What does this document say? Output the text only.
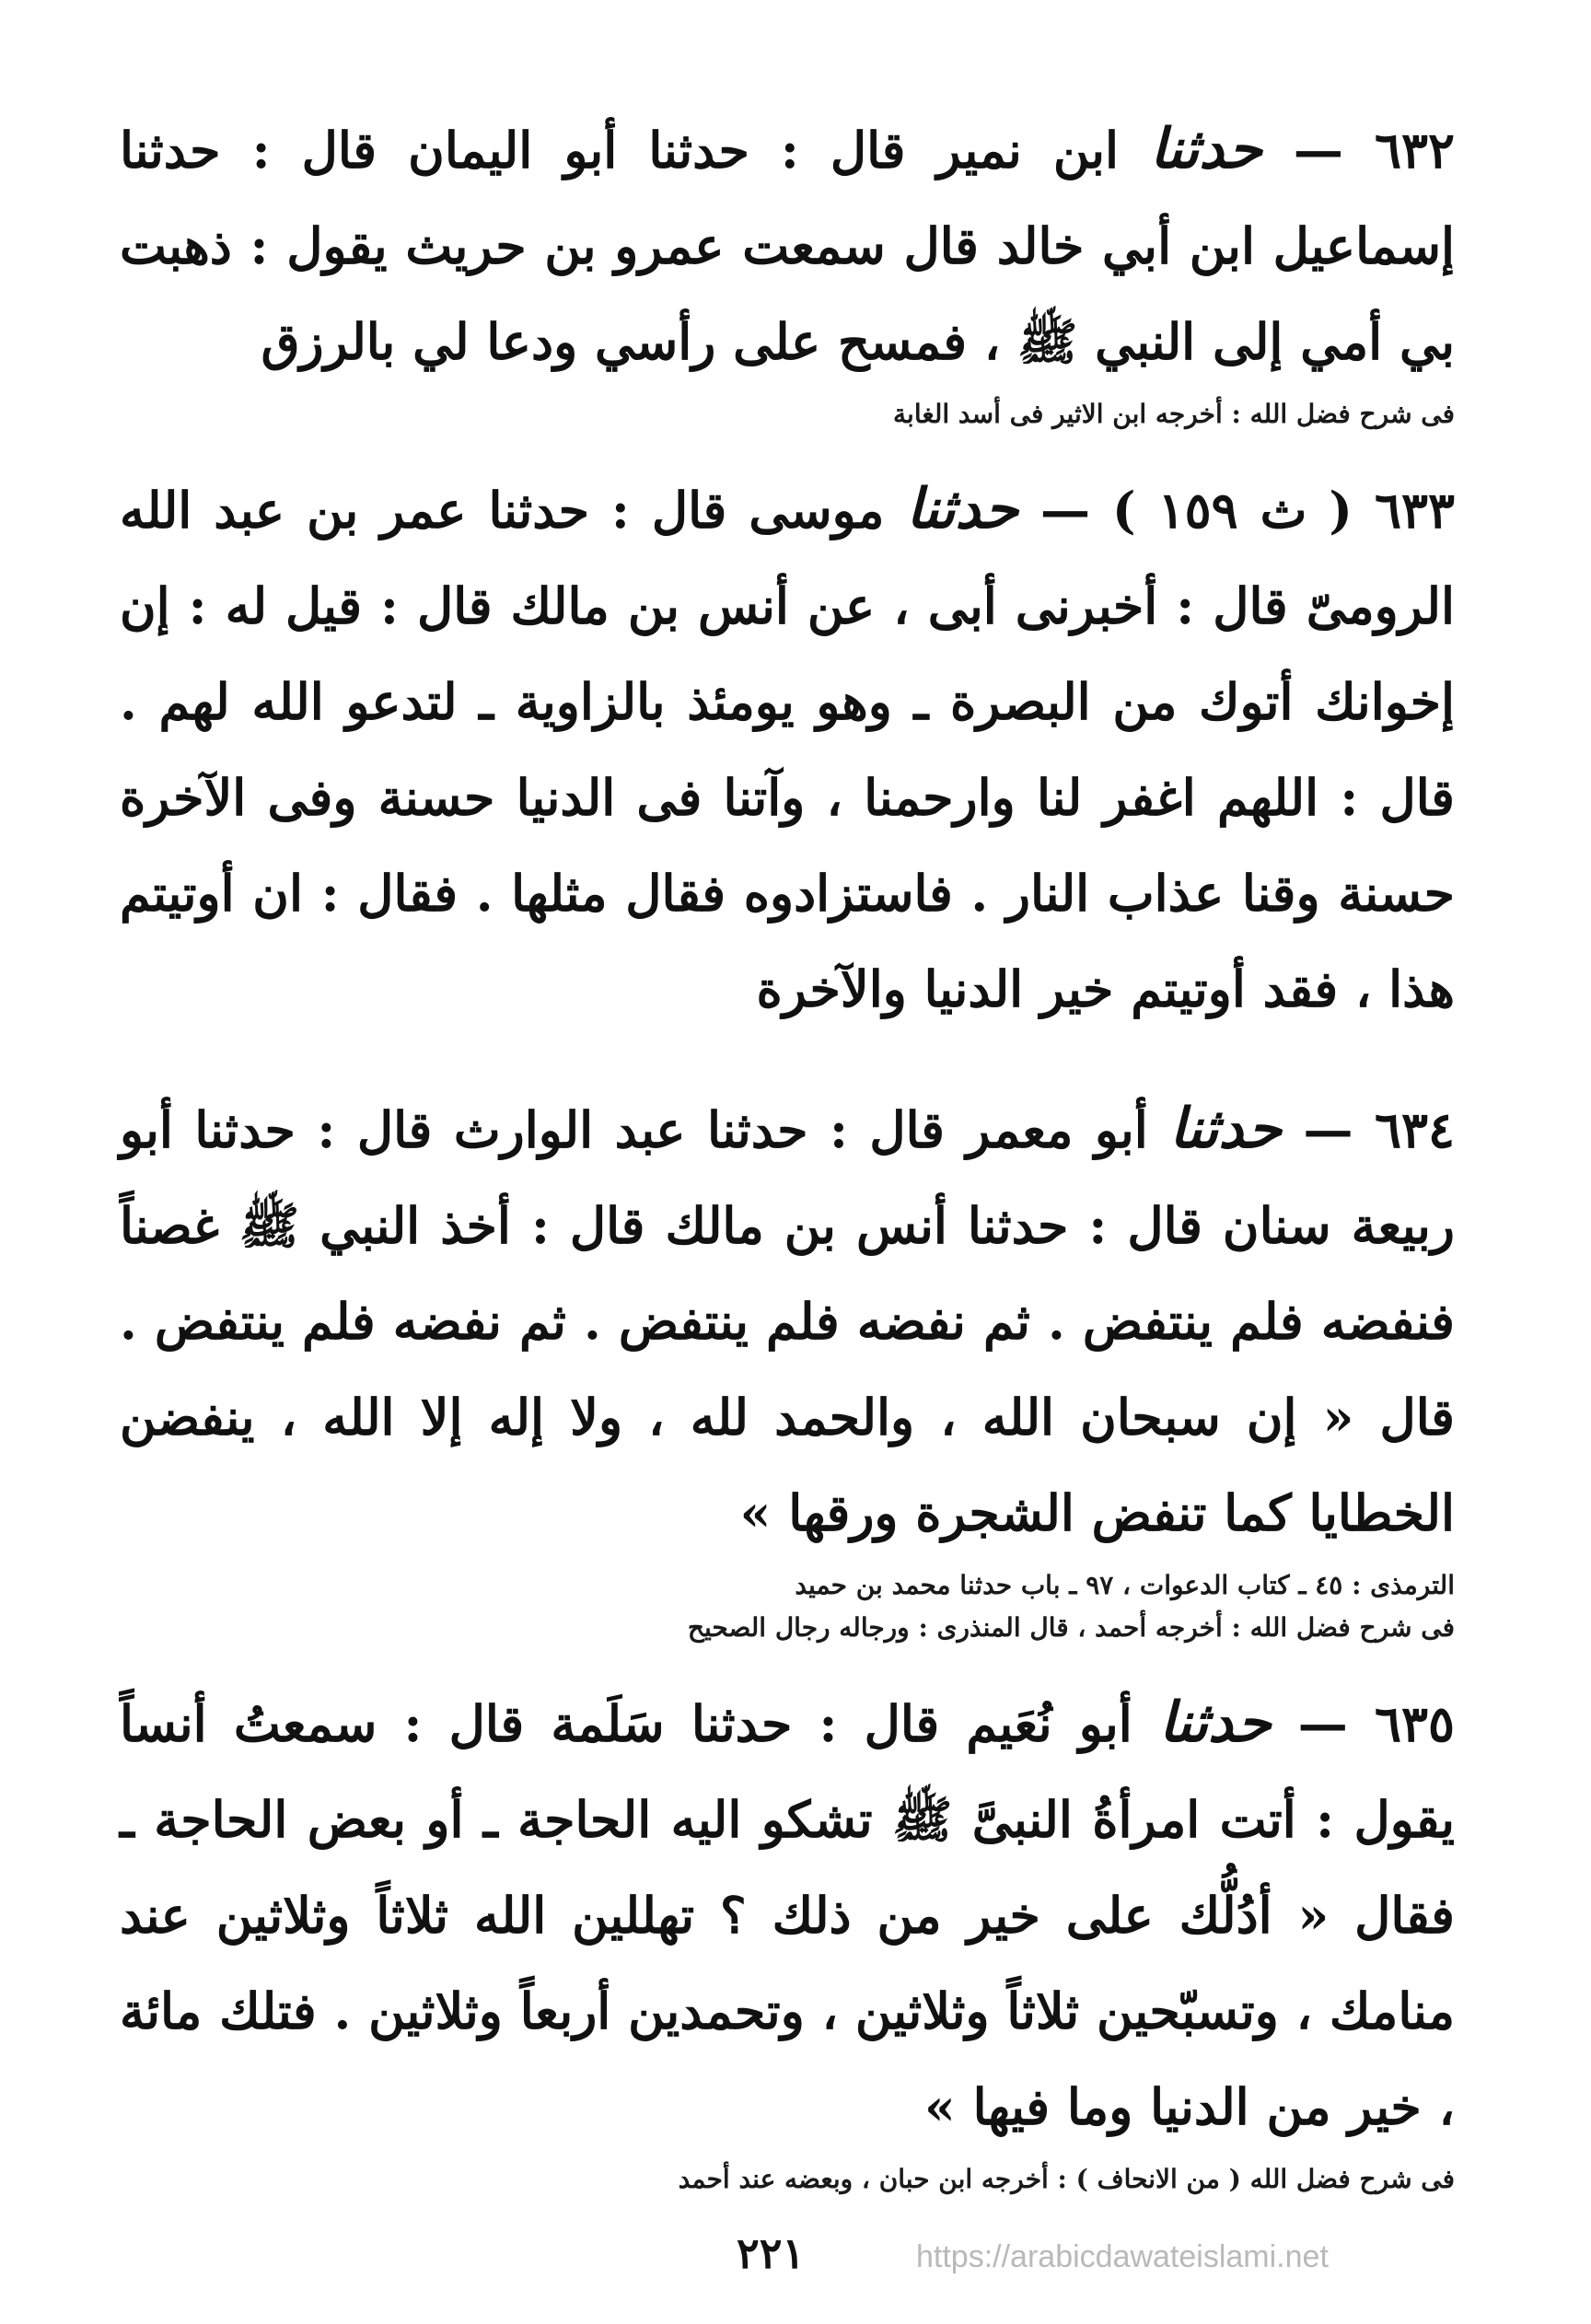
٦٣٢ — حدثنا ابن نمير قال : حدثنا أبو اليمان قال : حدثنا إسماعيل ابن أبي خالد قال سمعت عمرو بن حريث يقول : ذهبت بي أمي إلى النبي ﷺ ، فمسح على رأسي ودعا لي بالرزق

فى شرح فضل الله : أخرجه ابن الاثير فى أسد الغابة

٦٣٣ ( ث ١٥٩ ) — حدثنا موسى قال : حدثنا عمر بن عبد الله الرومىّ قال : أخبرنى أبى ، عن أنس بن مالك قال : قيل له : إن إخوانك أتوك من البصرة ـ وهو يومئذ بالزاوية ـ لتدعو الله لهم . قال : اللهم اغفر لنا وارحمنا ، وآتنا فى الدنيا حسنة وفى الآخرة حسنة وقنا عذاب النار . فاستزادوه فقال مثلها . فقال : ان أوتيتم هذا ، فقد أوتيتم خير الدنيا والآخرة

٦٣٤ — حدثنا أبو معمر قال : حدثنا عبد الوارث قال : حدثنا أبو ربيعة سنان قال : حدثنا أنس بن مالك قال : أخذ النبي ﷺ غصناً فنفضه فلم ينتفض . ثم نفضه فلم ينتفض . ثم نفضه فلم ينتفض . قال « إن سبحان الله ، والحمد لله ، ولا إله إلا الله ، ينفضن الخطايا كما تنفض الشجرة ورقها »

الترمذى : ٤٥ ـ كتاب الدعوات ، ٩٧ ـ باب حدثنا محمد بن حميد

فى شرح فضل الله : أخرجه أحمد ، قال المنذرى : ورجاله رجال الصحيح

٦٣٥ — حدثنا أبو نُعَيم قال : حدثنا سَلَمة قال : سمعتُ أنساً يقول : أتت امرأةُ النبىَّ ﷺ تشكو اليه الحاجة ـ أو بعض الحاجة ـ فقال « أدُلُّك على خير من ذلك ؟ تهللين الله ثلاثاً وثلاثين عند منامك ، وتسبّحين ثلاثاً وثلاثين ، وتحمدين أربعاً وثلاثين . فتلك مائة ، خير من الدنيا وما فيها »

فى شرح فضل الله ( من الانحاف ) : أخرجه ابن حبان ، وبعضه عند أحمد

٢٢١	https://arabicdawateislami.net
